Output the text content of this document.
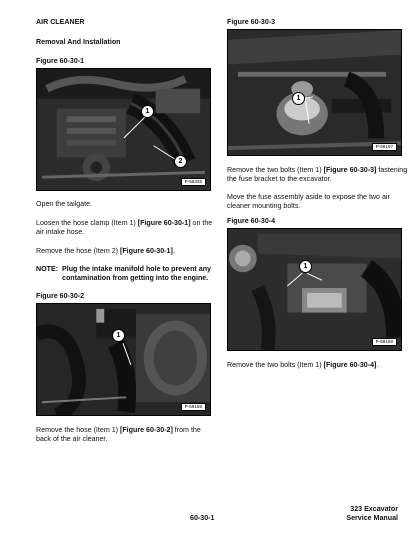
AIR CLEANER
Removal And Installation
Figure 60-30-1
1
2
P-59335
Open the tailgate.
Loosen the hose clamp (Item 1) [Figure 60-30-1] on the
air intake hose.
Remove the hose (Item 2) [Figure 60-30-1].
NOTE: Plug the intake manifold hole to prevent any
contamination from getting into the engine.
Figure 60-30-2
1
P-59156
Remove the hose (Item 1) [Figure 60-30-2] from the
back of the air cleaner.
Figure 60-30-3
1
P-59157
Remove the two bolts (Item 1) [Figure 60-30-3] fastening
the fuse bracket to the excavator.
Move the fuse assembly aside to expose the two air
cleaner mounting bolts.
Figure 60-30-4
1
P-59158
Remove the two bolts (Item 1) [Figure 60-30-4].
60-30-1
323 Excavator
Service Manual
